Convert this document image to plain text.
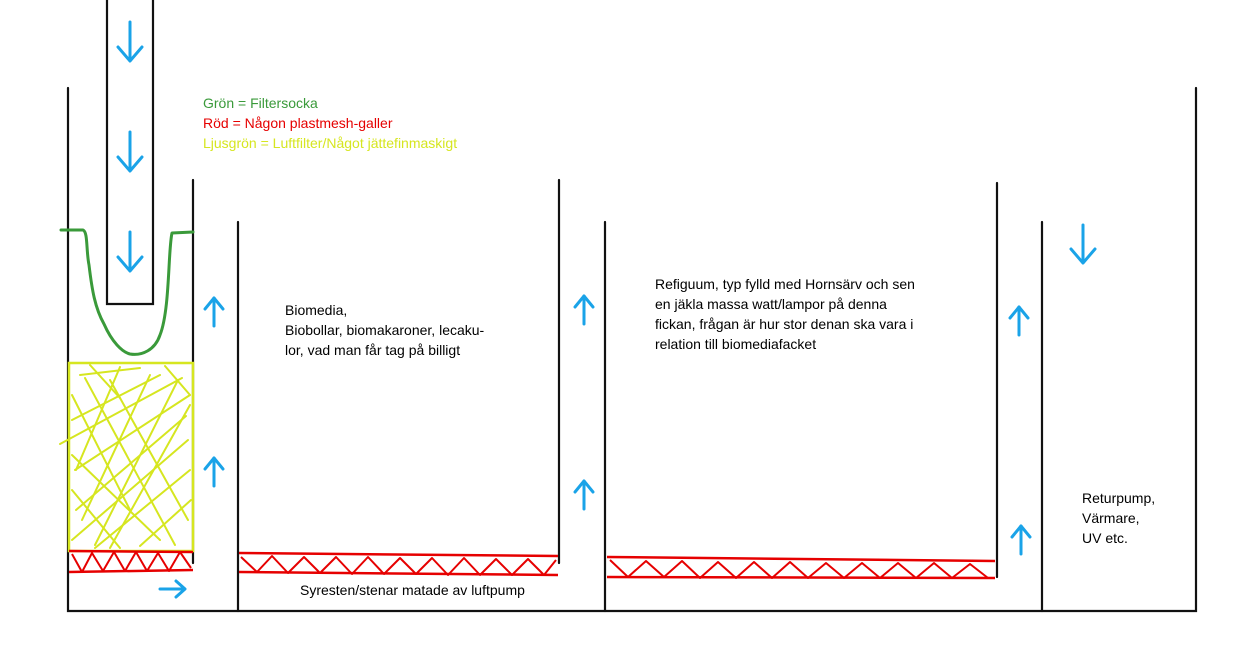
Grön = Filtersocka
Röd = Någon plastmesh-galler
Ljusgrön = Luftfilter/Något jättefinmaskigt
Biomedia,
Biobollar, biomakaroner, lecaku-
lor, vad man får tag på billigt
Refiguum, typ fylld med Hornsärv och sen
en jäkla massa watt/lampor på denna
fickan, frågan är hur stor denan ska vara i
relation till biomediafacket
Returpump,
Värmare,
UV etc.
Syresten/stenar matade av luftpump
